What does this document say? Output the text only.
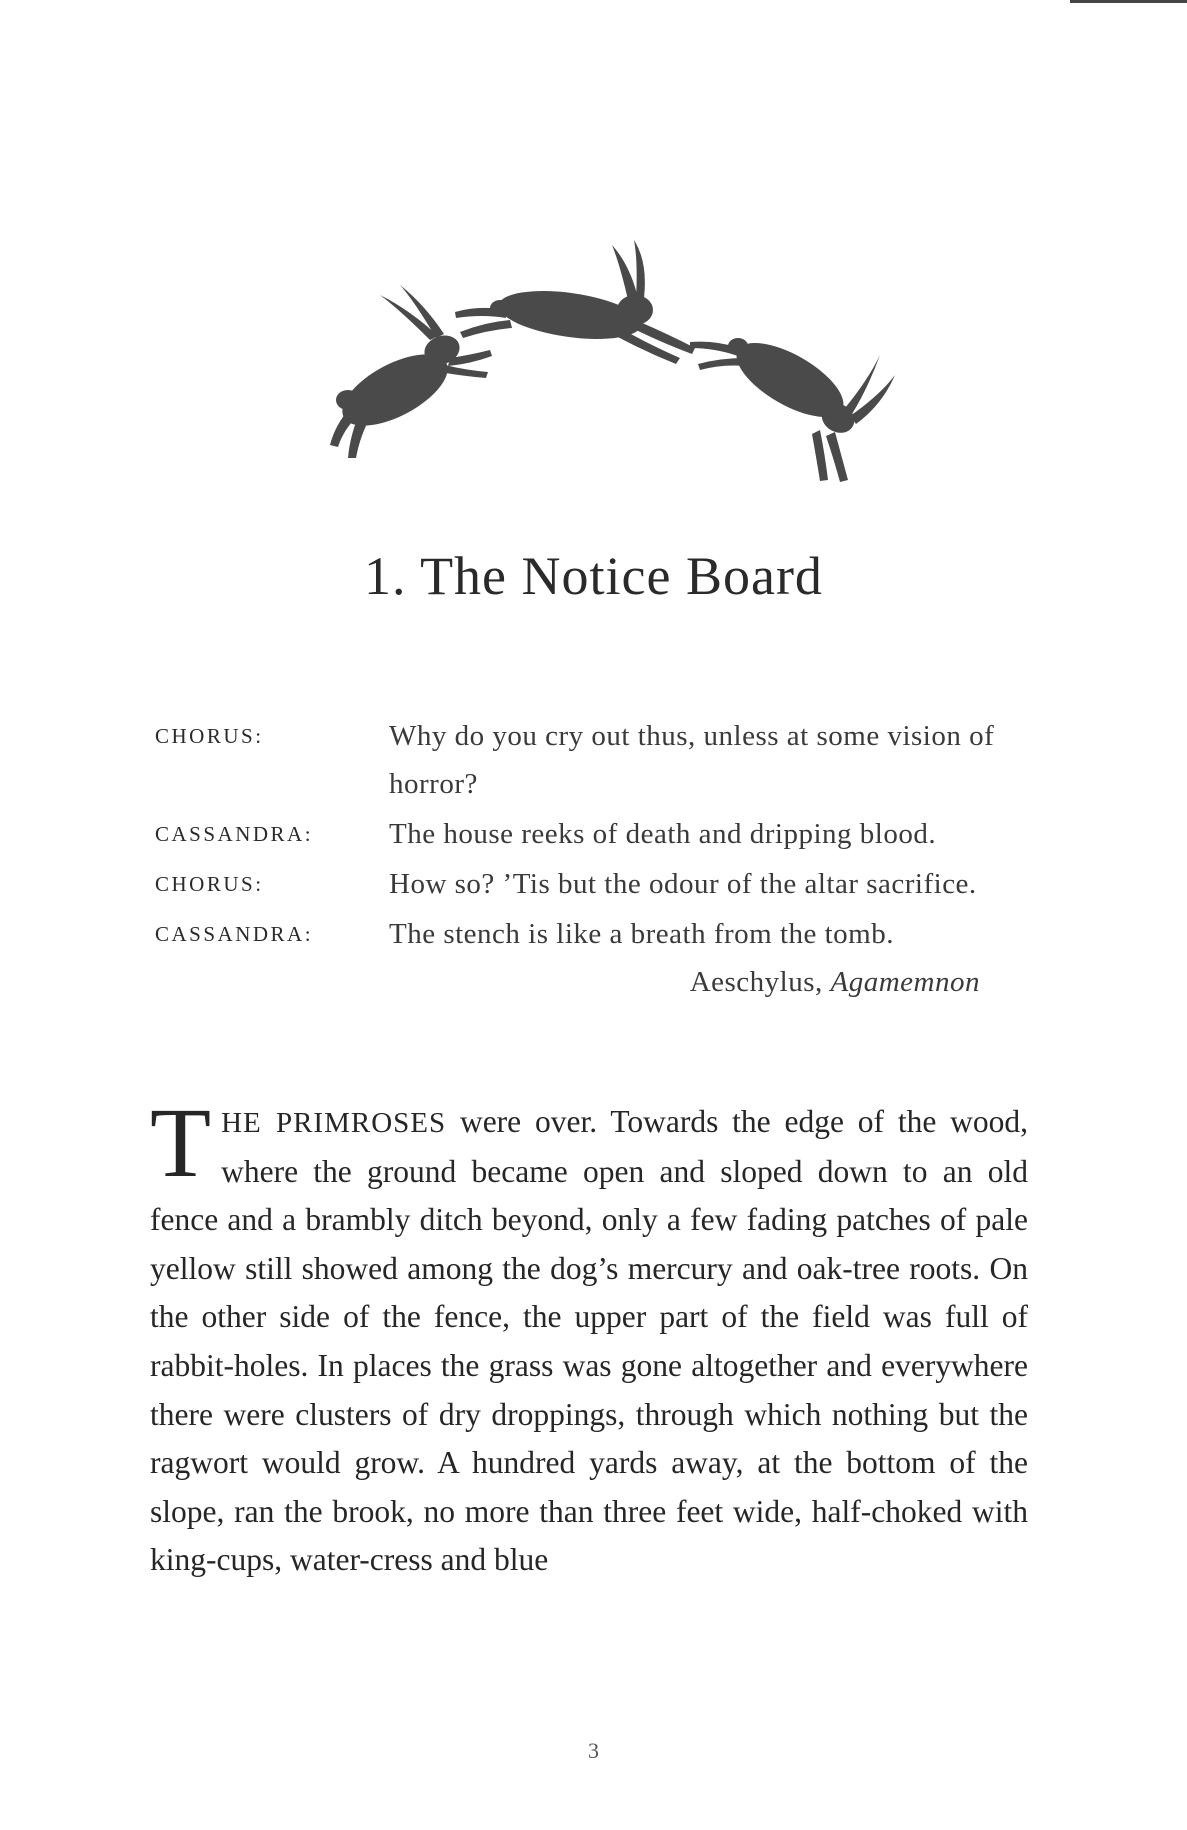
1. The Notice Board
CHORUS:	Why do you cry out thus, unless at some vision of horror?
CASSANDRA:	The house reeks of death and dripping blood.
CHORUS:	How so? ’Tis but the odour of the altar sacrifice.
CASSANDRA:	The stench is like a breath from the tomb.
Aeschylus, Agamemnon
THE PRIMROSES were over. Towards the edge of the wood, where the ground became open and sloped down to an old fence and a brambly ditch beyond, only a few fading patches of pale yellow still showed among the dog’s mercury and oak-tree roots. On the other side of the fence, the upper part of the field was full of rabbit-holes. In places the grass was gone altogether and everywhere there were clusters of dry droppings, through which nothing but the ragwort would grow. A hundred yards away, at the bottom of the slope, ran the brook, no more than three feet wide, half-choked with king-cups, water-cress and blue
3
